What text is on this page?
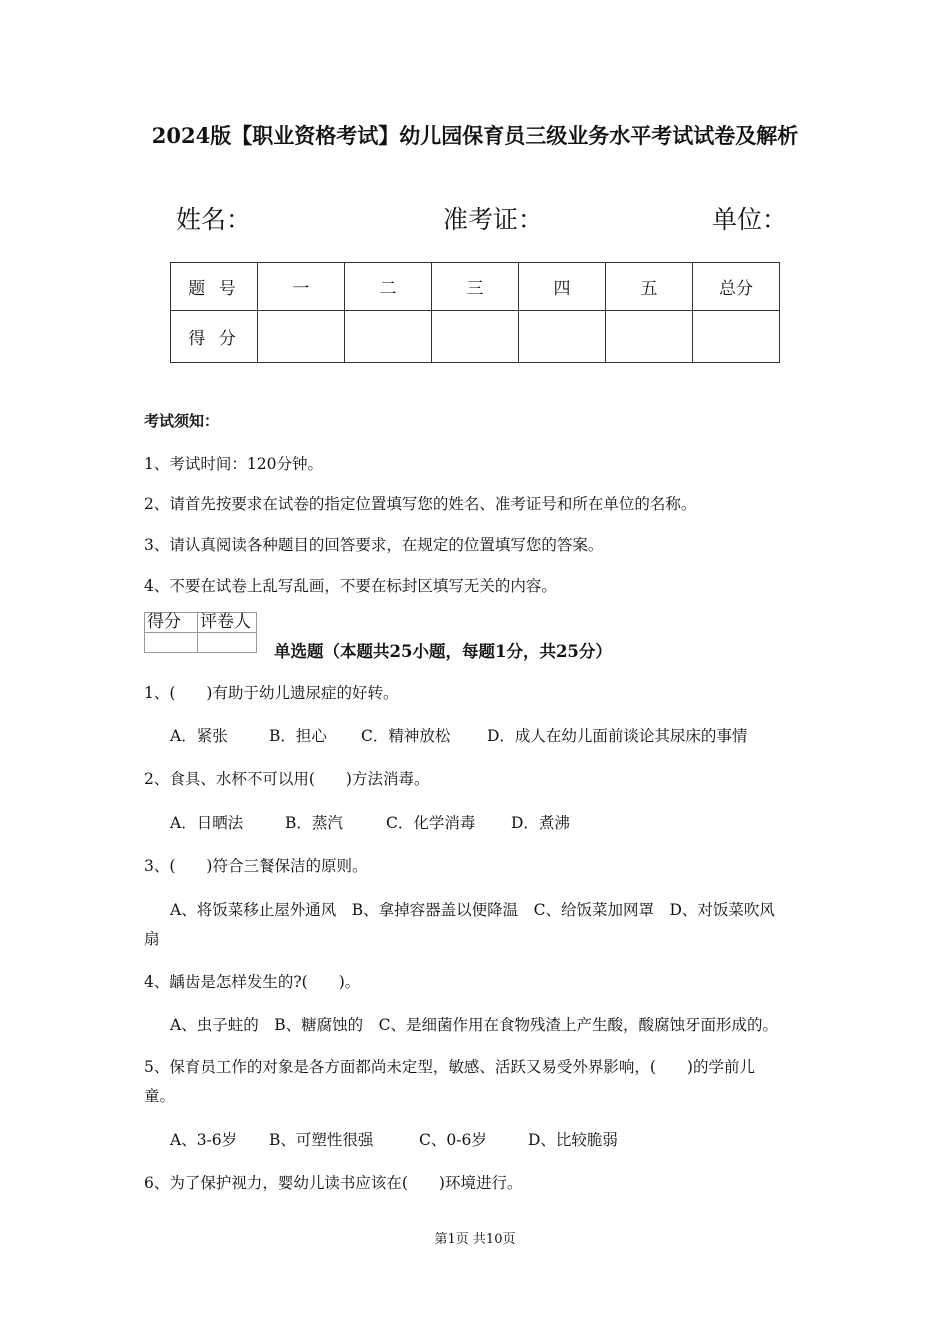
2024版【职业资格考试】幼儿园保育员三级业务水平考试试卷及解析
姓名：	准考证：	单位：
题 号	一	二	三	四	五	总分
得 分						
考试须知：
1、考试时间：120分钟。
2、请首先按要求在试卷的指定位置填写您的姓名、准考证号和所在单位的名称。
3、请认真阅读各种题目的回答要求，在规定的位置填写您的答案。
4、不要在试卷上乱写乱画，不要在标封区填写无关的内容。
得分	评卷人

单选题（本题共25小题，每题1分，共25分）
1、(　　)有助于幼儿遗尿症的好转。
A．紧张	B．担心 C．精神放松 D．成人在幼儿面前谈论其尿床的事情
2、食具、水杯不可以用(　　)方法消毒。
A．日晒法	B．蒸汽	C．化学消毒 D．煮沸
3、(　　)符合三餐保洁的原则。
A、将饭菜移止屋外通风　B、拿掉容器盖以便降温　C、给饭菜加网罩　D、对饭菜吹风
扇
4、龋齿是怎样发生的?(　　)。
A、虫子蛀的　B、糖腐蚀的　C、是细菌作用在食物残渣上产生酸，酸腐蚀牙面形成的。
5、保育员工作的对象是各方面都尚未定型，敏感、活跃又易受外界影响，(　　)的学前儿
童。
A、3-6岁 B、可塑性很强	C、0-6岁	D、比较脆弱
6、为了保护视力，婴幼儿读书应该在(　　)环境进行。
第1页 共10页
